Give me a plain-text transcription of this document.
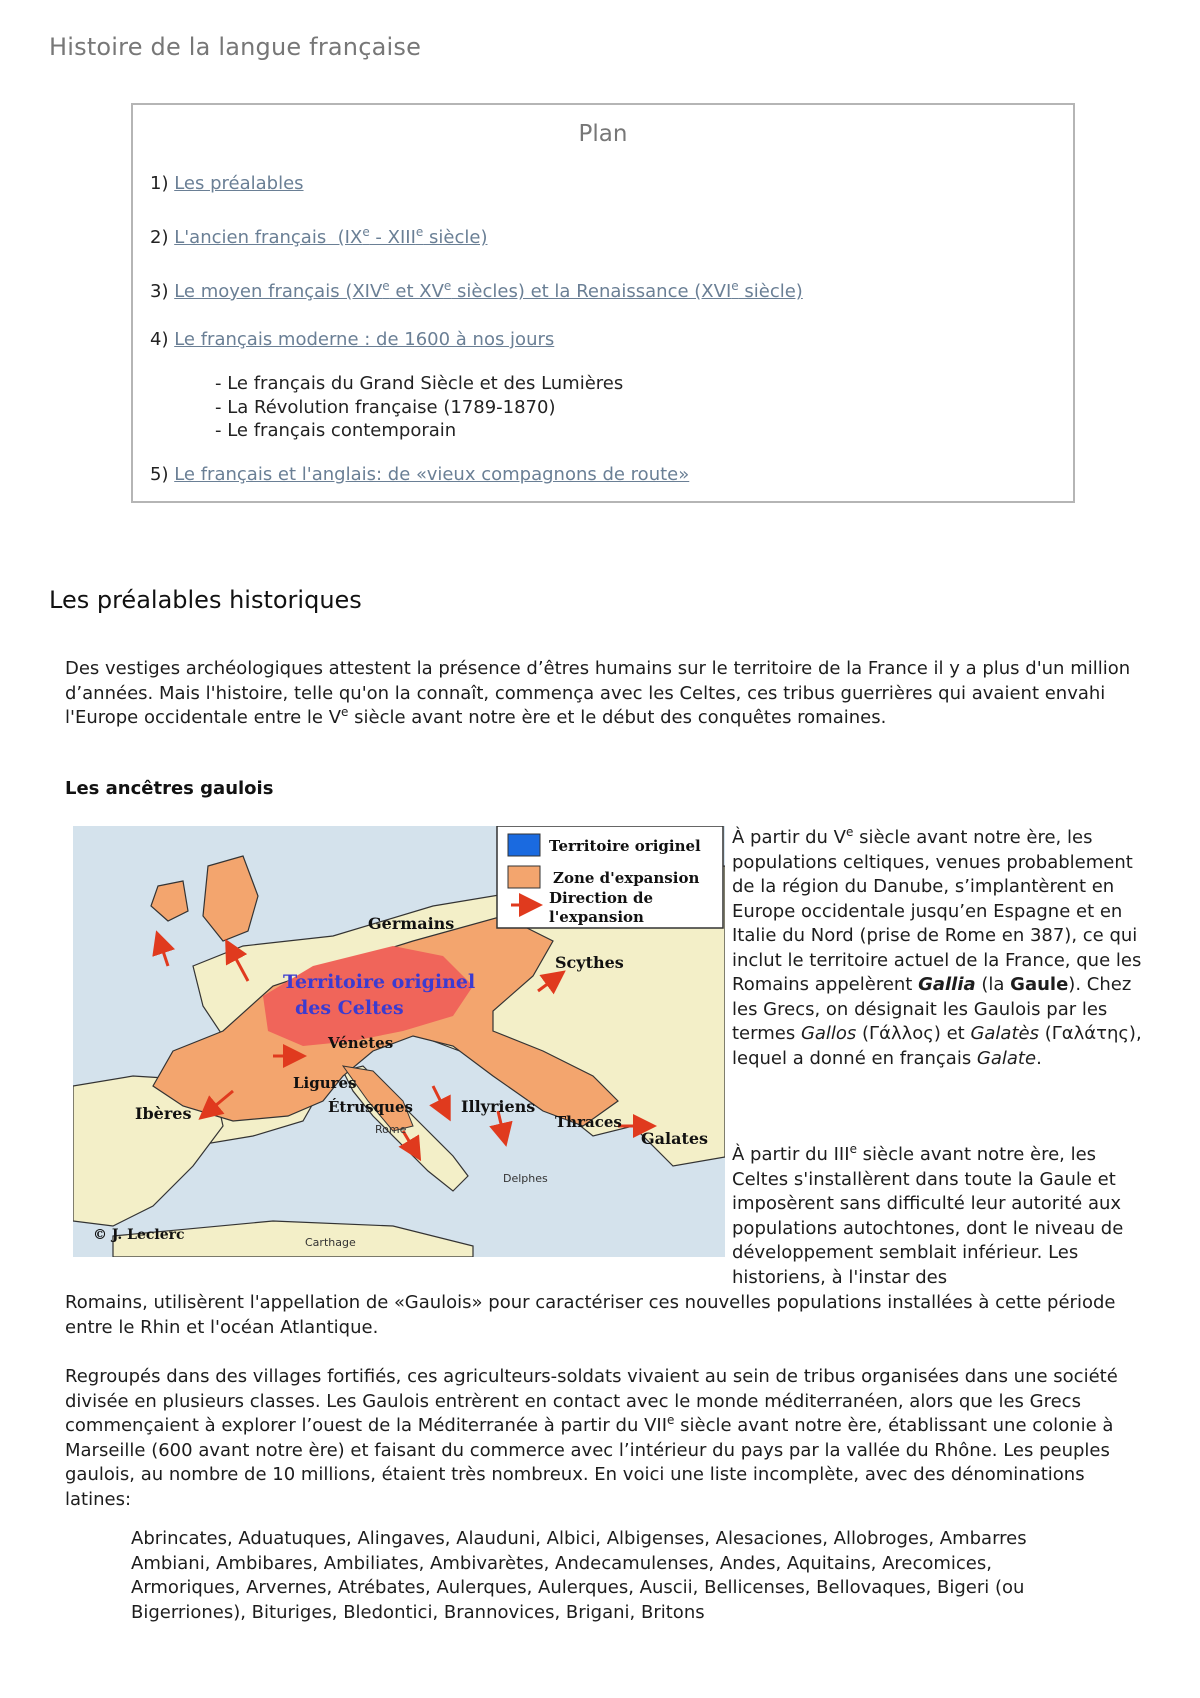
Histoire de la langue française
Plan
1) Les préalables
2) L'ancien français  (IXe - XIIIe siècle)
3) Le moyen français (XIVe et XVe siècles) et la Renaissance (XVIe siècle)
4) Le français moderne : de 1600 à nos jours
- Le français du Grand Siècle et des Lumières
- La Révolution française (1789-1870)
- Le français contemporain
5) Le français et l'anglais: de «vieux compagnons de route»
Les préalables historiques

Des vestiges archéologiques attestent la présence d’êtres humains sur le territoire de la France il y a plus d'un million d’années. Mais l'histoire, telle qu'on la connaît, commença avec les Celtes, ces tribus guerrières qui avaient envahi l'Europe occidentale entre le Ve siècle avant notre ère et le début des conquêtes romaines.

Les ancêtres gaulois
Territoire originel
Zone d'expansion
Direction de
l'expansion
Territoire originel
des Celtes
Germains
Scythes
Vénètes
Ligures
Étrusques	Illyriens
Thraces
Ibères
Galates
Rome
Delphes
Carthage
© J. Leclerc

À partir du Ve siècle avant notre ère, les populations celtiques, venues probablement de la région du Danube, s’implantèrent en Europe occidentale jusqu’en Espagne et en Italie du Nord (prise de Rome en 387), ce qui inclut le territoire actuel de la France, que les Romains appelèrent Gallia (la Gaule). Chez les Grecs, on désignait les Gaulois par les termes Gallos (Γάλλος) et Galatès (Γαλάτης), lequel a donné en français Galate.

À partir du IIIe siècle avant notre ère, les Celtes s'installèrent dans toute la Gaule et imposèrent sans difficulté leur autorité aux populations autochtones, dont le niveau de développement semblait inférieur. Les historiens, à l'instar des

Romains, utilisèrent l'appellation de «Gaulois» pour caractériser ces nouvelles populations installées à cette période entre le Rhin et l'océan Atlantique.

Regroupés dans des villages fortifiés, ces agriculteurs-soldats vivaient au sein de tribus organisées dans une société divisée en plusieurs classes. Les Gaulois entrèrent en contact avec le monde méditerranéen, alors que les Grecs commençaient à explorer l’ouest de la Méditerranée à partir du VIIe siècle avant notre ère, établissant une colonie à Marseille (600 avant notre ère) et faisant du commerce avec l’intérieur du pays par la vallée du Rhône. Les peuples gaulois, au nombre de 10 millions, étaient très nombreux. En voici une liste incomplète, avec des dénominations latines:

Abrincates, Aduatuques, Alingaves, Alauduni, Albici, Albigenses, Alesaciones, Allobroges, Ambarres Ambiani, Ambibares, Ambiliates, Ambivarètes, Andecamulenses, Andes, Aquitains, Arecomices, Armoriques, Arvernes, Atrébates, Aulerques, Aulerques, Auscii, Bellicenses, Bellovaques, Bigeri (ou Bigerriones), Bituriges, Bledontici, Brannovices, Brigani, Britons
